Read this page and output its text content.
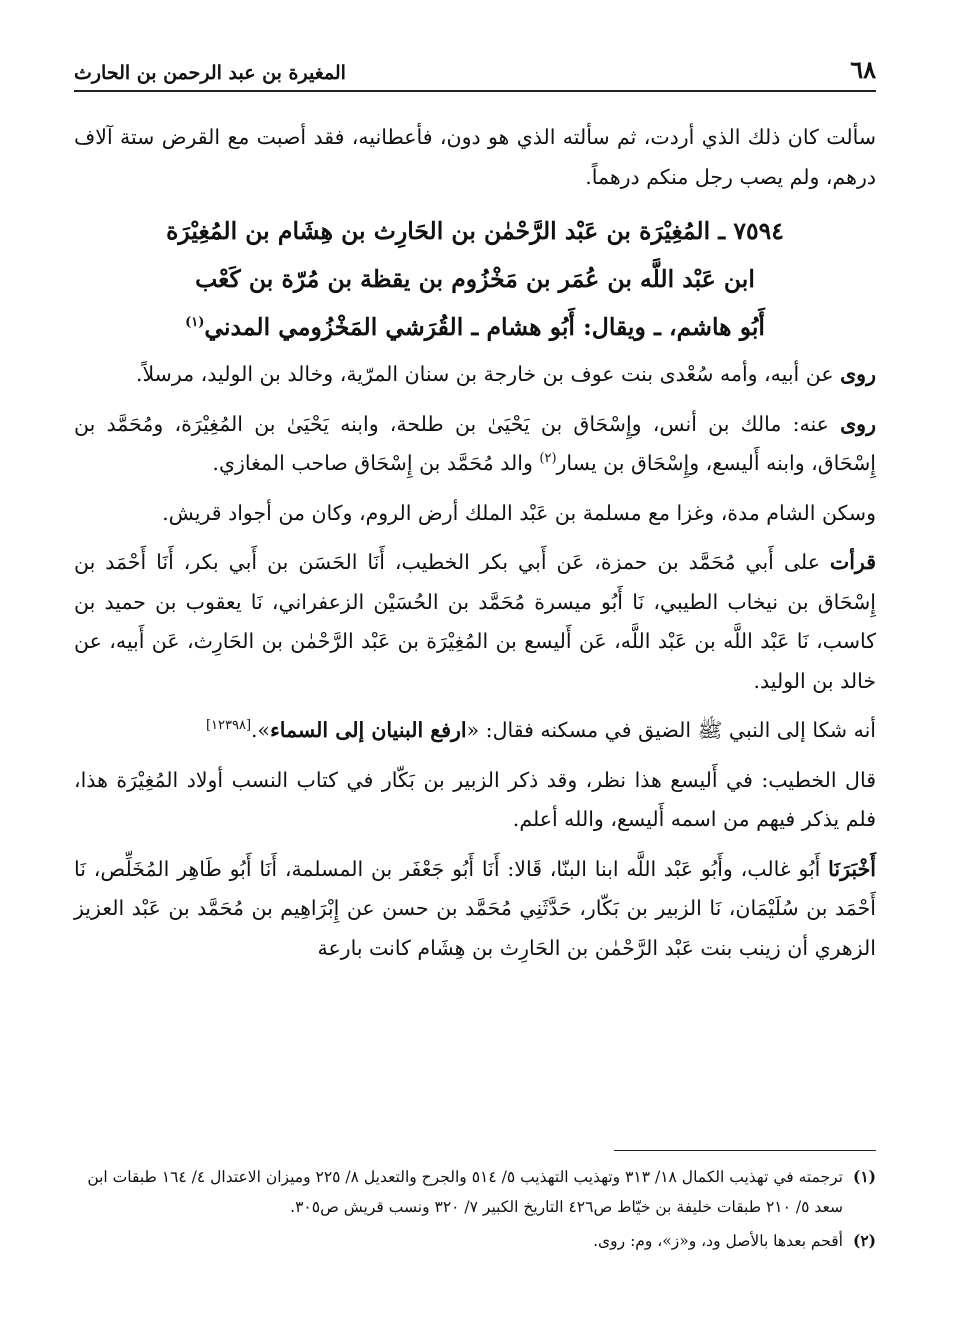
٦٨
المغيرة بن عبد الرحمن بن الحارث

سألت كان ذلك الذي أردت، ثم سألته الذي هو دون، فأعطانيه، فقد أصبت مع القرض ستة آلاف درهم، ولم يصب رجل منكم درهماً.

٧٥٩٤ ـ المُغِيْرَة بن عَبْد الرَّحْمٰن بن الحَارِث بن هِشَام بن المُغِيْرَة
ابن عَبْد اللَّه بن عُمَر بن مَخْزُوم بن يقظة بن مُرّة بن كَعْب
أَبُو هاشم، ـ ويقال: أَبُو هشام ـ القُرَشي المَخْزُومي المدني$^{(١)}$

روى عن أبيه، وأمه سُعْدى بنت عوف بن خارجة بن سنان المرّية، وخالد بن الوليد، مرسلاً.

روى عنه: مالك بن أنس، وإِسْحَاق بن يَحْيَىٰ بن طلحة، وابنه يَحْيَىٰ بن المُغِيْرَة، ومُحَمَّد بن إِسْحَاق، وابنه أَليسع، وإِسْحَاق بن يسار$^{(٢)}$ والد مُحَمَّد بن إِسْحَاق صاحب المغازي.

وسكن الشام مدة، وغزا مع مسلمة بن عَبْد الملك أرض الروم، وكان من أجواد قريش.

قرأت على أَبي مُحَمَّد بن حمزة، عَن أَبي بكر الخطيب، أَنَا الحَسَن بن أَبي بكر، أَنَا أَحْمَد بن إِسْحَاق بن نيخاب الطيبي، نَا أَبُو ميسرة مُحَمَّد بن الحُسَيْن الزعفراني، نَا يعقوب بن حميد بن كاسب، نَا عَبْد اللَّه بن عَبْد اللَّه، عَن أَليسع بن المُغِيْرَة بن عَبْد الرَّحْمٰن بن الحَارِث، عَن أَبيه، عن خالد بن الوليد.

أنه شكا إلى النبي ﷺ الضيق في مسكنه فقال: «ارفع البنيان إلى السماء».[١٢٣٩٨]

قال الخطيب: في أَليسع هذا نظر، وقد ذكر الزبير بن بَكّار في كتاب النسب أولاد المُغِيْرَة هذا، فلم يذكر فيهم من اسمه أَليسع، والله أعلم.

أَخْبَرَنَا أَبُو غالب، وأَبُو عَبْد اللَّه ابنا البنّا، قَالا: أَنَا أَبُو جَعْفَر بن المسلمة، أَنَا أَبُو طَاهِر المُخَلِّص، نَا أَحْمَد بن سُلَيْمَان، نَا الزبير بن بَكّار، حَدَّثَنِي مُحَمَّد بن حسن عن إِبْرَاهِيم بن مُحَمَّد بن عَبْد العزيز الزهري أن زينب بنت عَبْد الرَّحْمٰن بن الحَارِث بن هِشَام كانت بارعة

(١)
ترجمته في تهذيب الكمال ١٨/ ٣١٣ وتهذيب التهذيب ٥/ ٥١٤ والجرح والتعديل ٨/ ٢٢٥ وميزان الاعتدال ٤/ ١٦٤ طبقات ابن سعد ٥/ ٢١٠ طبقات خليفة بن خيّاط ص٤٢٦ التاريخ الكبير ٧/ ٣٢٠ ونسب قريش ص٣٠٥.
(٢)
أقحم بعدها بالأصل ود، و«ز»، وم: روى.
